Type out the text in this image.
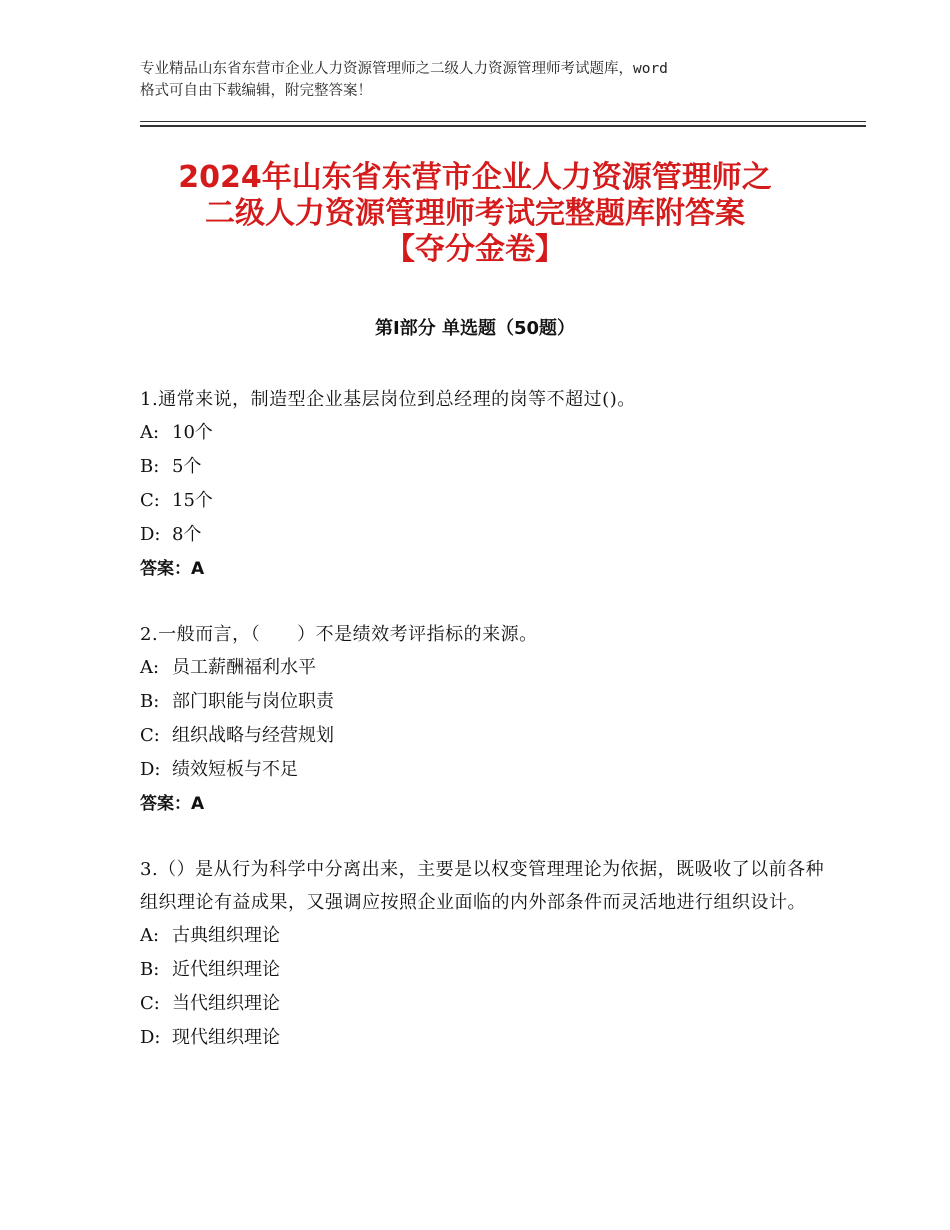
专业精品山东省东营市企业人力资源管理师之二级人力资源管理师考试题库，word
格式可自由下载编辑，附完整答案！
2024年山东省东营市企业人力资源管理师之
二级人力资源管理师考试完整题库附答案
【夺分金卷】
第Ⅰ部分 单选题（50题）
1.通常来说，制造型企业基层岗位到总经理的岗等不超过()。
A: 10个
B: 5个
C: 15个
D: 8个
答案：A
2.一般而言，（　　）不是绩效考评指标的来源。
A: 员工薪酬福利水平
B: 部门职能与岗位职责
C: 组织战略与经营规划
D: 绩效短板与不足
答案：A
3.（）是从行为科学中分离出来，主要是以权变管理理论为依据，既吸收了以前各种组织理论有益成果，又强调应按照企业面临的内外部条件而灵活地进行组织设计。
A: 古典组织理论
B: 近代组织理论
C: 当代组织理论
D: 现代组织理论
